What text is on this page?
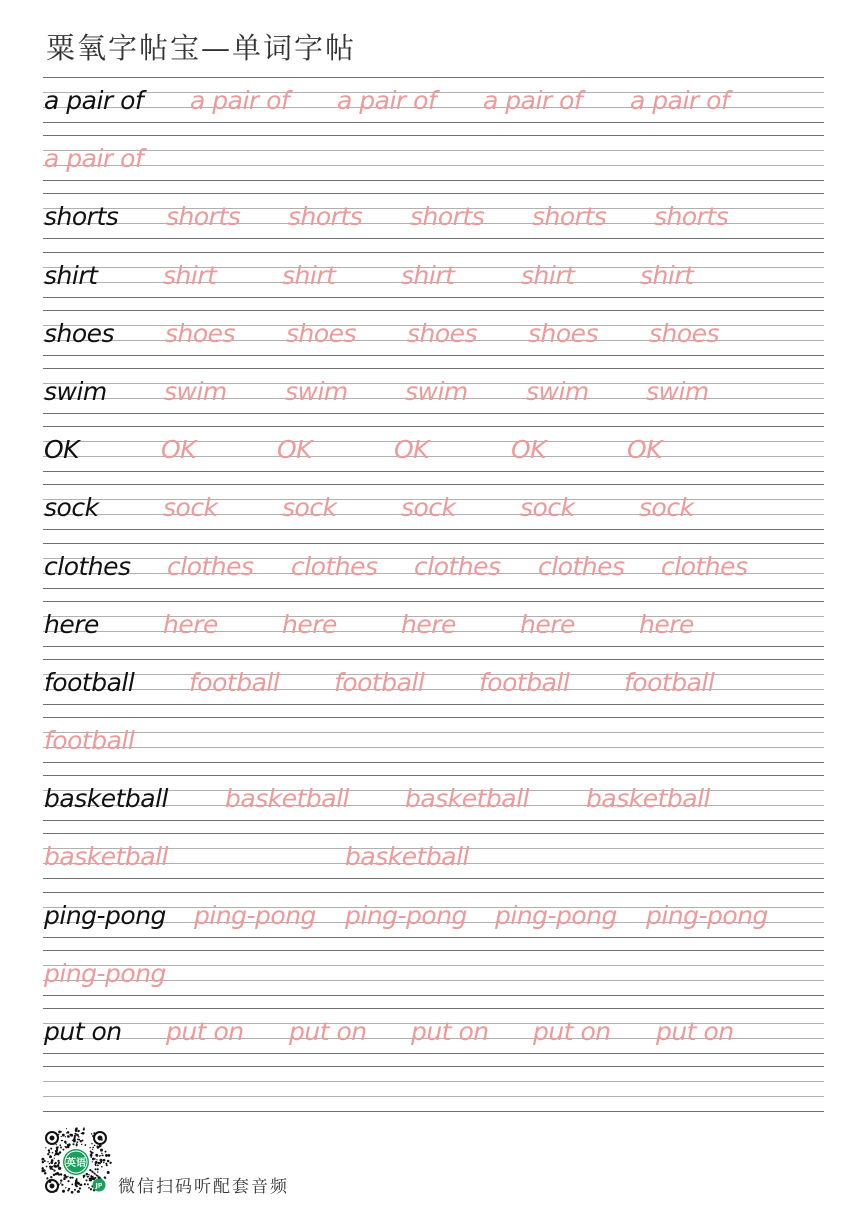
粟氧字帖宝—单词字帖
a pair of a pair of a pair of a pair of a pair of
a pair of
shorts shorts shorts shorts shorts shorts
shirt	shirt	shirt	shirt	shirt	shirt
shoes shoes shoes shoes shoes shoes
swim swim swim swim swim swim
OK	OK	OK	OK	OK	OK
sock	sock	sock	sock	sock	sock
clothes clothes clothes clothes clothes clothes
here	here	here	here	here	here
football football football football football
football
basketball basketball basketball basketball
basketball	basketball
ping-pong ping-pong ping-pong ping-pong ping-pong
ping-pong
put on put on put on put on put on put on
英语
JP 微信扫码听配套音频
